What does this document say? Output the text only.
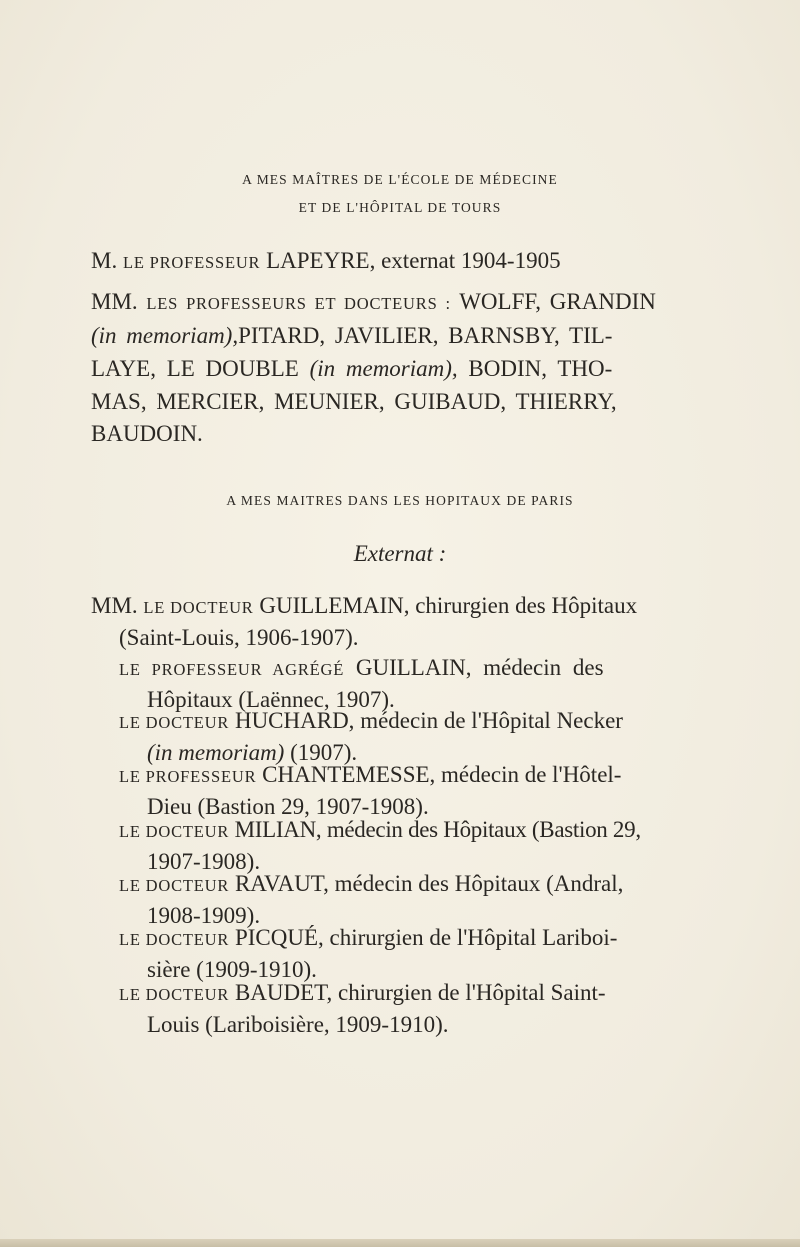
A MES MAÎTRES DE L'ÉCOLE DE MÉDECINE
ET DE L'HÔPITAL DE TOURS
M. LE PROFESSEUR LAPEYRE, externat 1904-1905
MM. LES PROFESSEURS ET DOCTEURS : WOLFF, GRANDIN
(in memoriam),PITARD, JAVILIER, BARNSBY, TIL-
LAYE, LE DOUBLE (in memoriam), BODIN, THO-
MAS, MERCIER, MEUNIER, GUIBAUD, THIERRY,
BAUDOIN.
A MES MAITRES DANS LES HOPITAUX DE PARIS
Externat :
MM. LE DOCTEUR GUILLEMAIN, chirurgien des Hôpitaux
(Saint-Louis, 1906-1907).
LE PROFESSEUR AGRÉGÉ GUILLAIN, médecin des
Hôpitaux (Laënnec, 1907).
LE DOCTEUR HUCHARD, médecin de l'Hôpital Necker
(in memoriam) (1907).
LE PROFESSEUR CHANTEMESSE, médecin de l'Hôtel-
Dieu (Bastion 29, 1907-1908).
LE DOCTEUR MILIAN, médecin des Hôpitaux (Bastion 29,
1907-1908).
LE DOCTEUR RAVAUT, médecin des Hôpitaux (Andral,
1908-1909).
LE DOCTEUR PICQUÉ, chirurgien de l'Hôpital Lariboi-
sière (1909-1910).
LE DOCTEUR BAUDET, chirurgien de l'Hôpital Saint-
Louis (Lariboisière, 1909-1910).
